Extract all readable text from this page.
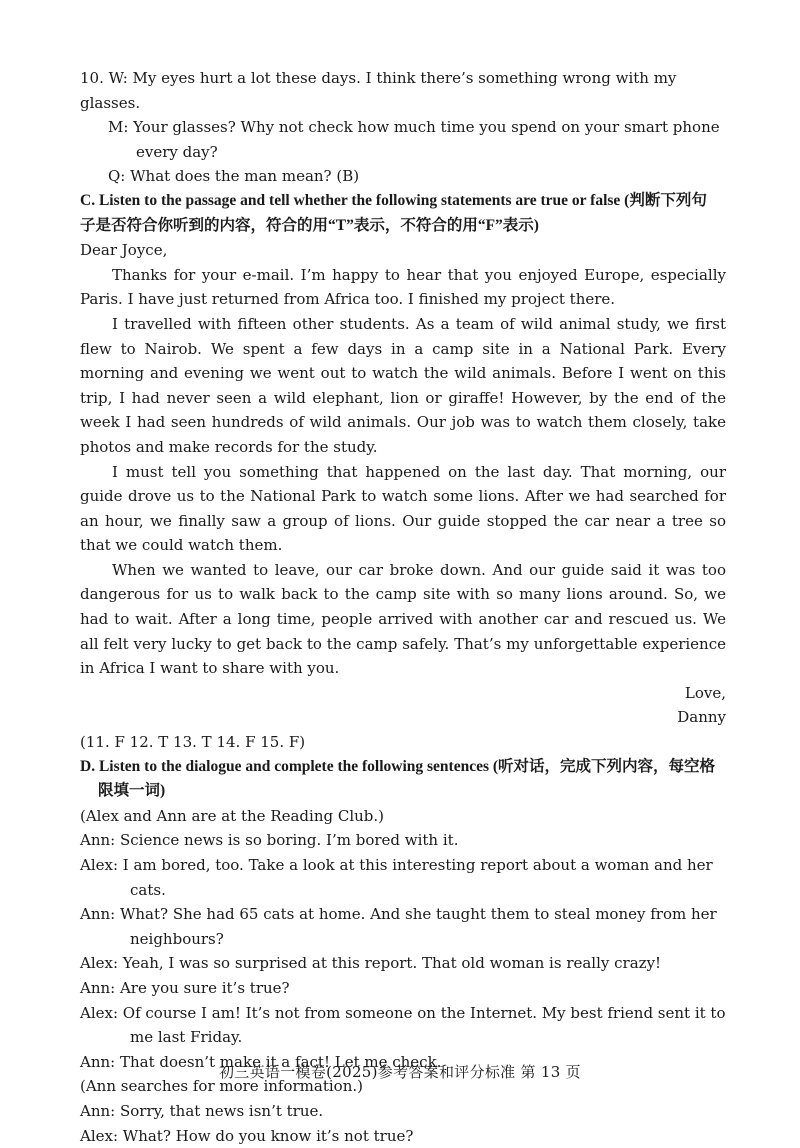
10. W: My eyes hurt a lot these days. I think there’s something wrong with my glasses.

M: Your glasses? Why not check how much time you spend on your smart phone

every day?

Q: What does the man mean? (B)

C. Listen to the passage and tell whether the following statements are true or false (判断下列句

子是否符合你听到的内容，符合的用“T”表示，不符合的用“F”表示)

Dear Joyce,

Thanks for your e-mail. I’m happy to hear that you enjoyed Europe, especially Paris. I have just returned from Africa too. I finished my project there.

I travelled with fifteen other students. As a team of wild animal study, we first flew to Nairob. We spent a few days in a camp site in a National Park. Every morning and evening we went out to watch the wild animals. Before I went on this trip, I had never seen a wild elephant, lion or giraffe! However, by the end of the week I had seen hundreds of wild animals. Our job was to watch them closely, take photos and make records for the study.

I must tell you something that happened on the last day. That morning, our guide drove us to the National Park to watch some lions. After we had searched for an hour, we finally saw a group of lions. Our guide stopped the car near a tree so that we could watch them.

When we wanted to leave, our car broke down. And our guide said it was too dangerous for us to walk back to the camp site with so many lions around. So, we had to wait. After a long time, people arrived with another car and rescued us. We all felt very lucky to get back to the camp safely. That’s my unforgettable experience in Africa I want to share with you.

Love,

Danny

(11. F 12. T 13. T 14. F 15. F)

D. Listen to the dialogue and complete the following sentences (听对话，完成下列内容，每空格

限填一词)

(Alex and Ann are at the Reading Club.)

Ann: Science news is so boring. I’m bored with it.

Alex: I am bored, too. Take a look at this interesting report about a woman and her cats.

Ann: What? She had 65 cats at home. And she taught them to steal money from her neighbours?

Alex: Yeah, I was so surprised at this report. That old woman is really crazy!

Ann: Are you sure it’s true?

Alex: Of course I am! It’s not from someone on the Internet. My best friend sent it to me last Friday.

Ann: That doesn’t make it a fact! Let me check.

(Ann searches for more information.)

Ann: Sorry, that news isn’t true.

Alex: What? How do you know it’s not true?

初三英语一模卷(2025)参考答案和评分标准 第 13 页
